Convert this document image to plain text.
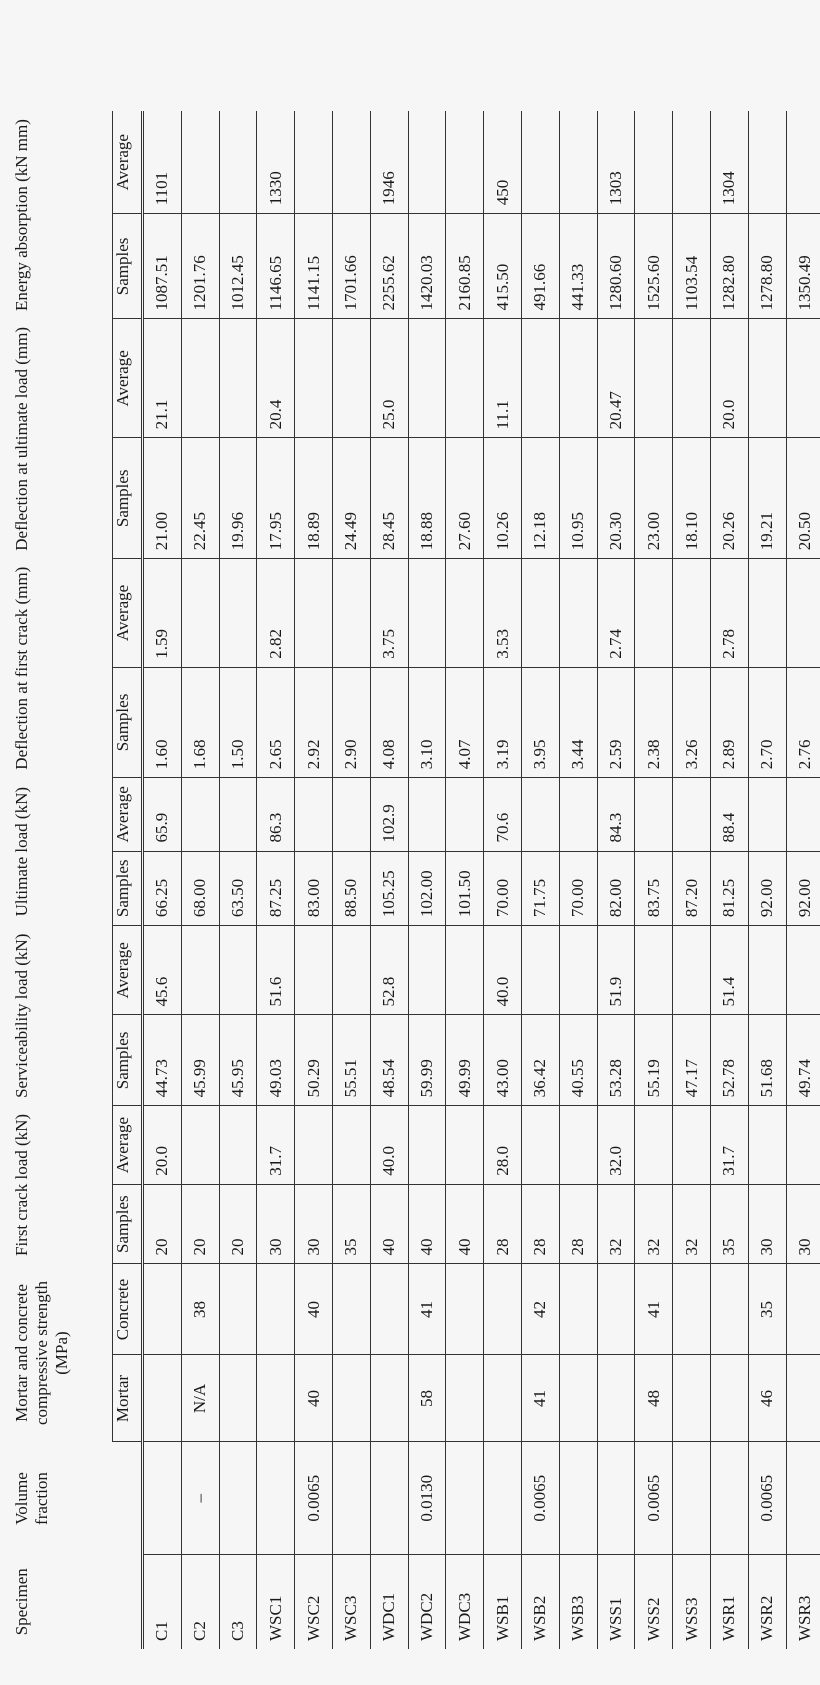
Specimen	Volume fraction	Mortar and concrete compressive strength (MPa)		First crack load (kN)		Serviceability load (kN)		Ultimate load (kN)		Deflection at first crack (mm)		Deflection at ultimate load (mm)		Energy absorption (kN mm)	
		Mortar	Concrete	Samples	Average	Samples	Average	Samples	Average	Samples	Average	Samples	Average	Samples	Average
C1				20	20.0	44.73	45.6	66.25	65.9	1.60	1.59	21.00	21.1	1087.51	1101
C2	–	N/A	38	20		45.99		68.00		1.68		22.45		1201.76	
C3				20		45.95		63.50		1.50		19.96		1012.45	
WSC1				30	31.7	49.03	51.6	87.25	86.3	2.65	2.82	17.95	20.4	1146.65	1330
WSC2	0.0065	40	40	30		50.29		83.00		2.92		18.89		1141.15	
WSC3				35		55.51		88.50		2.90		24.49		1701.66	
WDC1				40	40.0	48.54	52.8	105.25	102.9	4.08	3.75	28.45	25.0	2255.62	1946
WDC2	0.0130	58	41	40		59.99		102.00		3.10		18.88		1420.03	
WDC3				40		49.99		101.50		4.07		27.60		2160.85	
WSB1				28	28.0	43.00	40.0	70.00	70.6	3.19	3.53	10.26	11.1	415.50	450
WSB2	0.0065	41	42	28		36.42		71.75		3.95		12.18		491.66	
WSB3				28		40.55		70.00		3.44		10.95		441.33	
WSS1				32	32.0	53.28	51.9	82.00	84.3	2.59	2.74	20.30	20.47	1280.60	1303
WSS2	0.0065	48	41	32		55.19		83.75		2.38		23.00		1525.60	
WSS3				32		47.17		87.20		3.26		18.10		1103.54	
WSR1				35	31.7	52.78	51.4	81.25	88.4	2.89	2.78	20.26	20.0	1282.80	1304
WSR2	0.0065	46	35	30		51.68		92.00		2.70		19.21		1278.80	
WSR3				30		49.74		92.00		2.76		20.50		1350.49	
